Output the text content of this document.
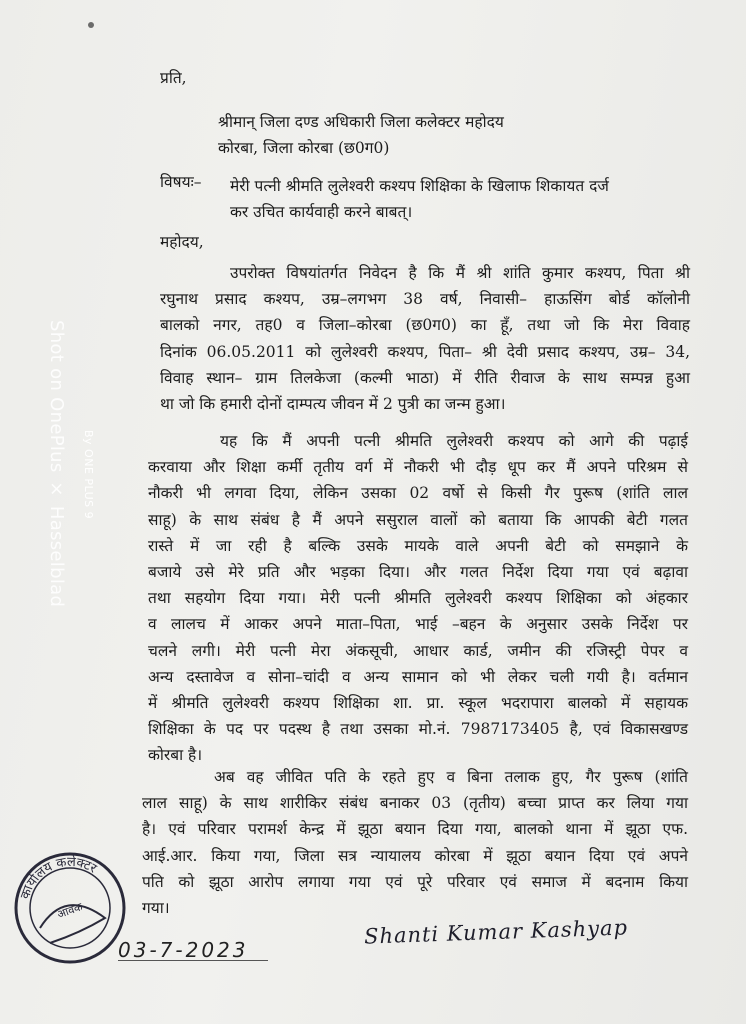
प्रति,
श्रीमान् जिला दण्ड अधिकारी जिला कलेक्टर महोदय
कोरबा, जिला कोरबा (छ0ग0)
विषयः– मेरी पत्नी श्रीमति लुलेश्वरी कश्यप शिक्षिका के खिलाफ शिकायत दर्ज
कर उचित कार्यवाही करने बाबत्।
महोदय,
उपरोक्त विषयांतर्गत निवेदन है कि मैं श्री शांति कुमार कश्यप, पिता श्री
रघुनाथ प्रसाद कश्यप, उम्र–लगभग 38 वर्ष, निवासी– हाऊसिंग बोर्ड कॉलोनी
बालको नगर, तह0 व जिला–कोरबा (छ0ग0) का हूँ, तथा जो कि मेरा विवाह
दिनांक 06.05.2011 को लुलेश्वरी कश्यप, पिता– श्री देवी प्रसाद कश्यप, उम्र– 34,
विवाह स्थान– ग्राम तिलकेजा (कल्मी भाठा) में रीति रीवाज के साथ सम्पन्न हुआ
था जो कि हमारी दोनों दाम्पत्य जीवन में 2 पुत्री का जन्म हुआ।
यह कि मैं अपनी पत्नी श्रीमति लुलेश्वरी कश्यप को आगे की पढ़ाई
करवाया और शिक्षा कर्मी तृतीय वर्ग में नौकरी भी दौड़ धूप कर मैं अपने परिश्रम से
नौकरी भी लगवा दिया, लेकिन उसका 02 वर्षो से किसी गैर पुरूष (शांति लाल
साहू) के साथ संबंध है मैं अपने ससुराल वालों को बताया कि आपकी बेटी गलत
रास्ते में जा रही है बल्कि उसके मायके वाले अपनी बेटी को समझाने के
बजाये उसे मेरे प्रति और भड़का दिया। और गलत निर्देश दिया गया एवं बढ़ावा
तथा सहयोग दिया गया। मेरी पत्नी श्रीमति लुलेश्वरी कश्यप शिक्षिका को अंहकार
व लालच में आकर अपने माता–पिता, भाई –बहन के अनुसार उसके निर्देश पर
चलने लगी। मेरी पत्नी मेरा अंकसूची, आधार कार्ड, जमीन की रजिस्ट्री पेपर व
अन्य दस्तावेज व सोना–चांदी व अन्य सामान को भी लेकर चली गयी है। वर्तमान
में श्रीमति लुलेश्वरी कश्यप शिक्षिका शा. प्रा. स्कूल भदरापारा बालको में सहायक
शिक्षिका के पद पर पदस्थ है तथा उसका मो.नं. 7987173405 है, एवं विकासखण्ड
कोरबा है।
अब वह जीवित पति के रहते हुए व बिना तलाक हुए, गैर पुरूष (शांति
लाल साहू) के साथ शारीकिर संबंध बनाकर 03 (तृतीय) बच्चा प्राप्त कर लिया गया
है। एवं परिवार परामर्श केन्द्र में झूठा बयान दिया गया, बालको थाना में झूठा एफ.
आई.आर. किया गया, जिला सत्र न्यायालय कोरबा में झूठा बयान दिया एवं अपने
पति को झूठा आरोप लगाया गया एवं पूरे परिवार एवं समाज में बदनाम किया
गया।
कार्यालय कलेक्टर
आवक
03-7-2023
Shanti Kumar Kashyap
Shot on OnePlus × Hasselblad By ONE PLUS 9
